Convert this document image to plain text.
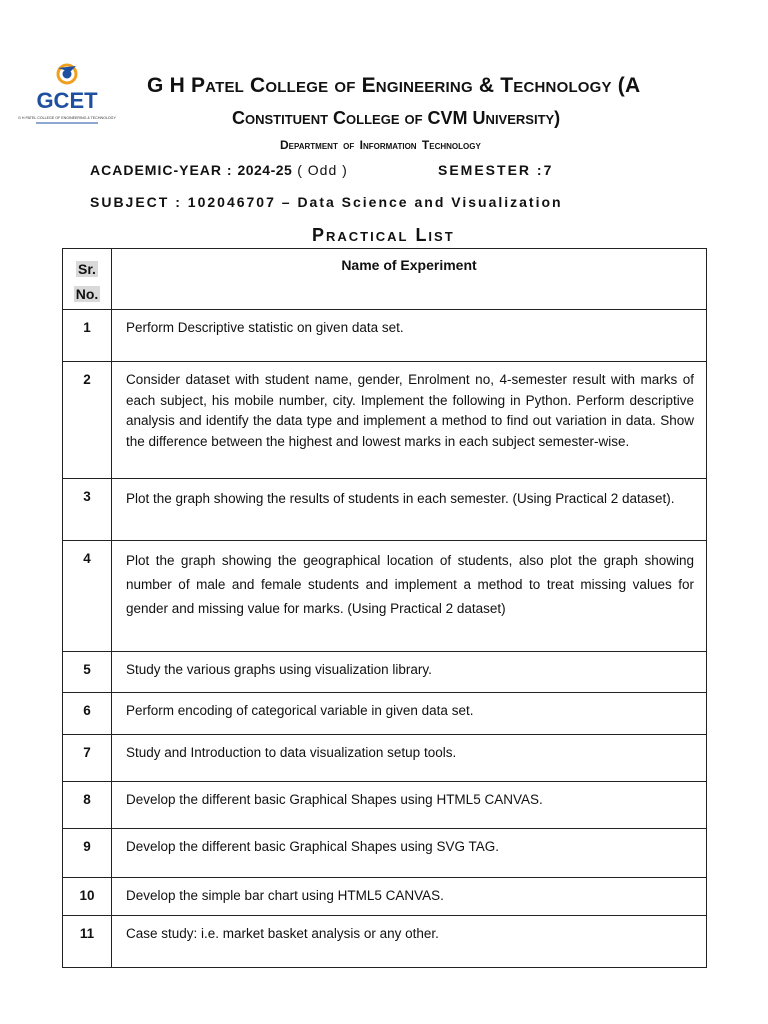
GCET
G H PATEL COLLEGE OF ENGINEERING & TECHNOLOGY
G H Patel College of Engineering & Technology (A
Constituent College of CVM University)
Department of Information Technology
ACADEMIC-YEAR : 2024-25 ( Odd )	SEMESTER :7
SUBJECT : 102046707 – Data Science and Visualization
Practical List
Sr.
No.	Name of Experiment
1	Perform Descriptive statistic on given data set.
2	Consider dataset with student name, gender, Enrolment no, 4-semester result with marks of each subject, his mobile number, city. Implement the following in Python. Perform descriptive analysis and identify the data type and implement a method to find out variation in data. Show the difference between the highest and lowest marks in each subject semester-wise.
3	Plot the graph showing the results of students in each semester. (Using Practical 2 dataset).
4	Plot the graph showing the geographical location of students, also plot the graph showing number of male and female students and implement a method to treat missing values for gender and missing value for marks. (Using Practical 2 dataset)
5	Study the various graphs using visualization library.
6	Perform encoding of categorical variable in given data set.
7	Study and Introduction to data visualization setup tools.
8	Develop the different basic Graphical Shapes using HTML5 CANVAS.
9	Develop the different basic Graphical Shapes using SVG TAG.
10	Develop the simple bar chart using HTML5 CANVAS.
11	Case study: i.e. market basket analysis or any other.
